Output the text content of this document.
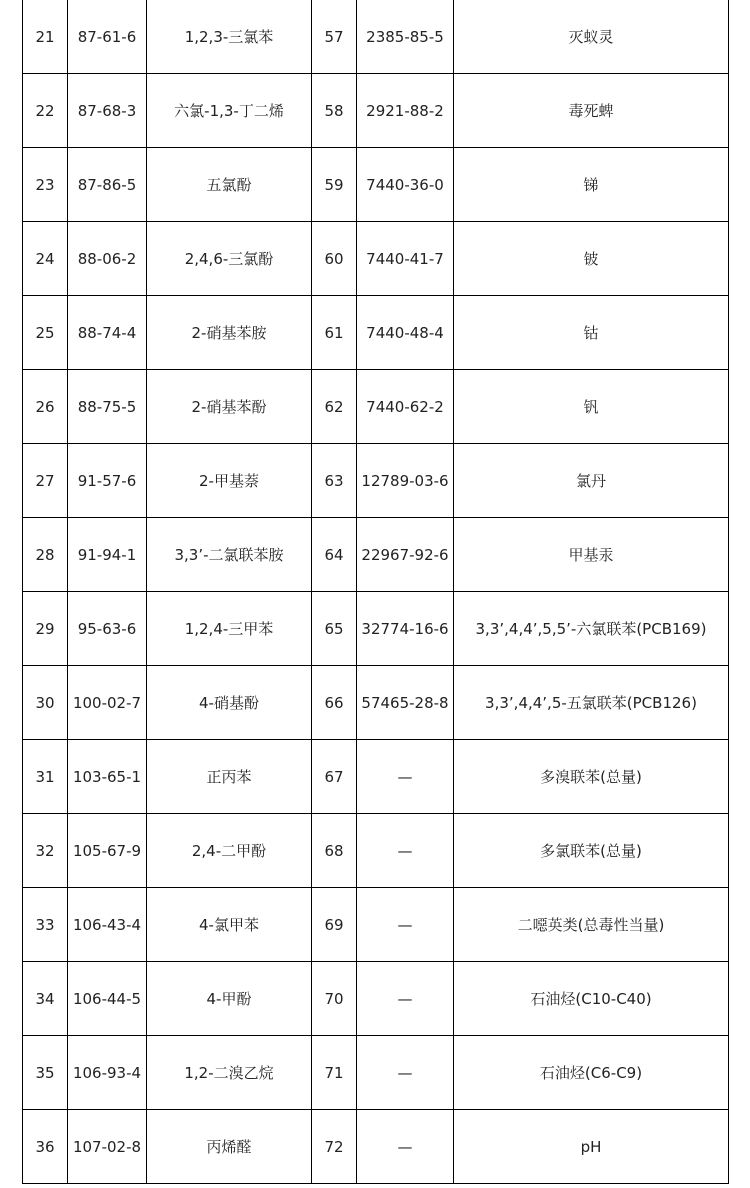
21	87-61-6	1,2,3-三氯苯	57	2385-85-5	灭蚁灵
22	87-68-3	六氯-1,3-丁二烯	58	2921-88-2	毒死蜱
23	87-86-5	五氯酚	59	7440-36-0	锑
24	88-06-2	2,4,6-三氯酚	60	7440-41-7	铍
25	88-74-4	2-硝基苯胺	61	7440-48-4	钴
26	88-75-5	2-硝基苯酚	62	7440-62-2	钒
27	91-57-6	2-甲基萘	63	12789-03-6	氯丹
28	91-94-1	3,3’-二氯联苯胺	64	22967-92-6	甲基汞
29	95-63-6	1,2,4-三甲苯	65	32774-16-6	3,3’,4,4’,5,5’-六氯联苯(PCB169)
30	100-02-7	4-硝基酚	66	57465-28-8	3,3’,4,4’,5-五氯联苯(PCB126)
31	103-65-1	正丙苯	67	—	多溴联苯(总量)
32	105-67-9	2,4-二甲酚	68	—	多氯联苯(总量)
33	106-43-4	4-氯甲苯	69	—	二噁英类(总毒性当量)
34	106-44-5	4-甲酚	70	—	石油烃(C10-C40)
35	106-93-4	1,2-二溴乙烷	71	—	石油烃(C6-C9)
36	107-02-8	丙烯醛	72	—	pH
